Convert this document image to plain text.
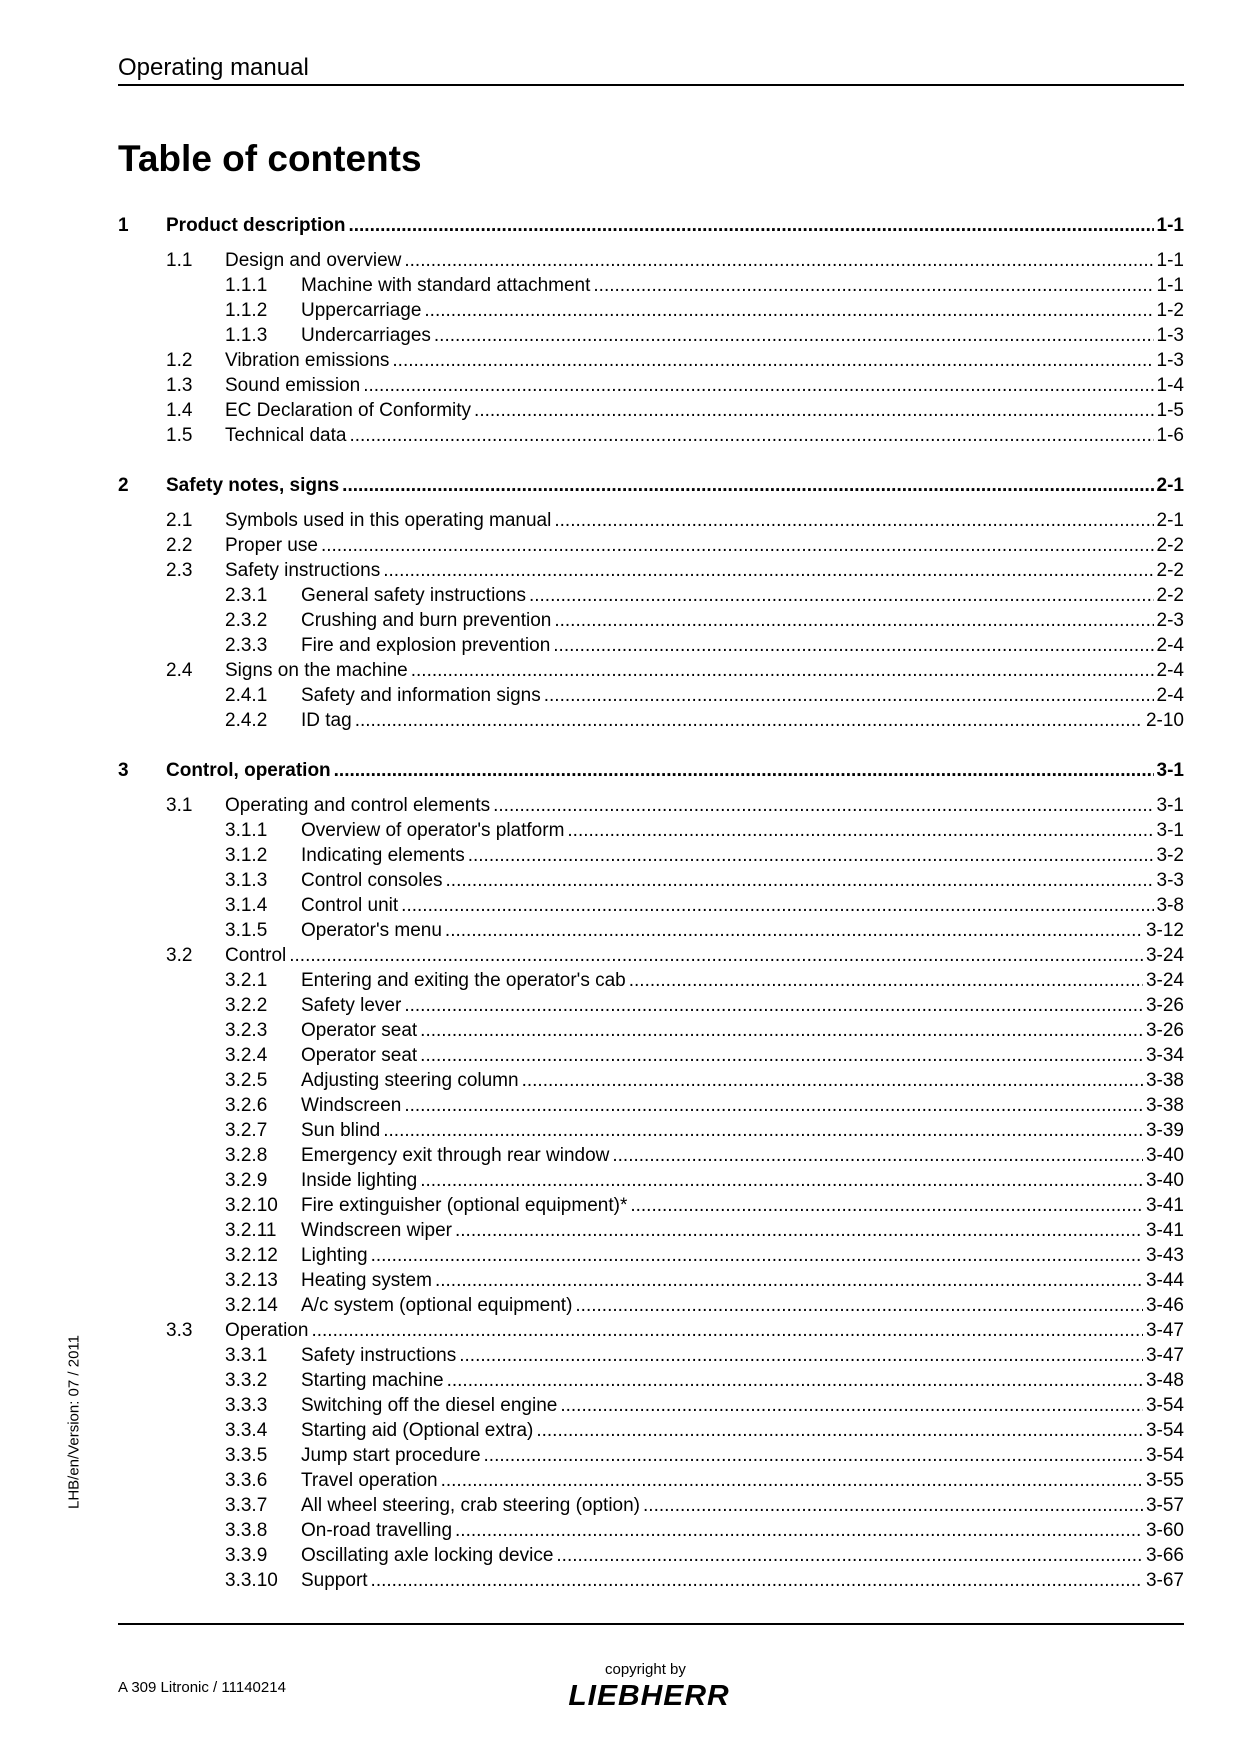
Operating manual
Table of contents
1 Product description .....	1-1
1.1 Design and overview .....	1-1
1.1.1 Machine with standard attachment .....	1-1
1.1.2 Uppercarriage .....	1-2
1.1.3 Undercarriages .....	1-3
1.2 Vibration emissions .....	1-3
1.3 Sound emission .....	1-4
1.4 EC Declaration of Conformity .....	1-5
1.5 Technical data .....	1-6
2 Safety notes, signs .....	2-1
2.1 Symbols used in this operating manual .....	2-1
2.2 Proper use .....	2-2
2.3 Safety instructions .....	2-2
2.3.1 General safety instructions .....	2-2
2.3.2 Crushing and burn prevention .....	2-3
2.3.3 Fire and explosion prevention .....	2-4
2.4 Signs on the machine .....	2-4
2.4.1 Safety and information signs .....	2-4
2.4.2 ID tag .....	2-10
3 Control, operation .....	3-1
3.1 Operating and control elements .....	3-1
3.1.1 Overview of operator's platform .....	3-1
3.1.2 Indicating elements .....	3-2
3.1.3 Control consoles .....	3-3
3.1.4 Control unit .....	3-8
3.1.5 Operator's menu .....	3-12
3.2 Control .....	3-24
3.2.1 Entering and exiting the operator's cab .....	3-24
3.2.2 Safety lever .....	3-26
3.2.3 Operator seat .....	3-26
3.2.4 Operator seat .....	3-34
3.2.5 Adjusting steering column .....	3-38
3.2.6 Windscreen .....	3-38
3.2.7 Sun blind .....	3-39
3.2.8 Emergency exit through rear window .....	3-40
3.2.9 Inside lighting .....	3-40
3.2.10 Fire extinguisher (optional equipment)* .....	3-41
3.2.11 Windscreen wiper .....	3-41
3.2.12 Lighting .....	3-43
3.2.13 Heating system .....	3-44
3.2.14 A/c system (optional equipment) .....	3-46
3.3 Operation .....	3-47
3.3.1 Safety instructions .....	3-47
3.3.2 Starting machine .....	3-48
3.3.3 Switching off the diesel engine .....	3-54
3.3.4 Starting aid (Optional extra) .....	3-54
3.3.5 Jump start procedure .....	3-54
3.3.6 Travel operation .....	3-55
3.3.7 All wheel steering, crab steering (option) .....	3-57
3.3.8 On-road travelling .....	3-60
3.3.9 Oscillating axle locking device .....	3-66
3.3.10 Support .....	3-67
LHB/en/Version: 07 / 2011
A 309 Litronic / 11140214
copyright by
LIEBHERR
